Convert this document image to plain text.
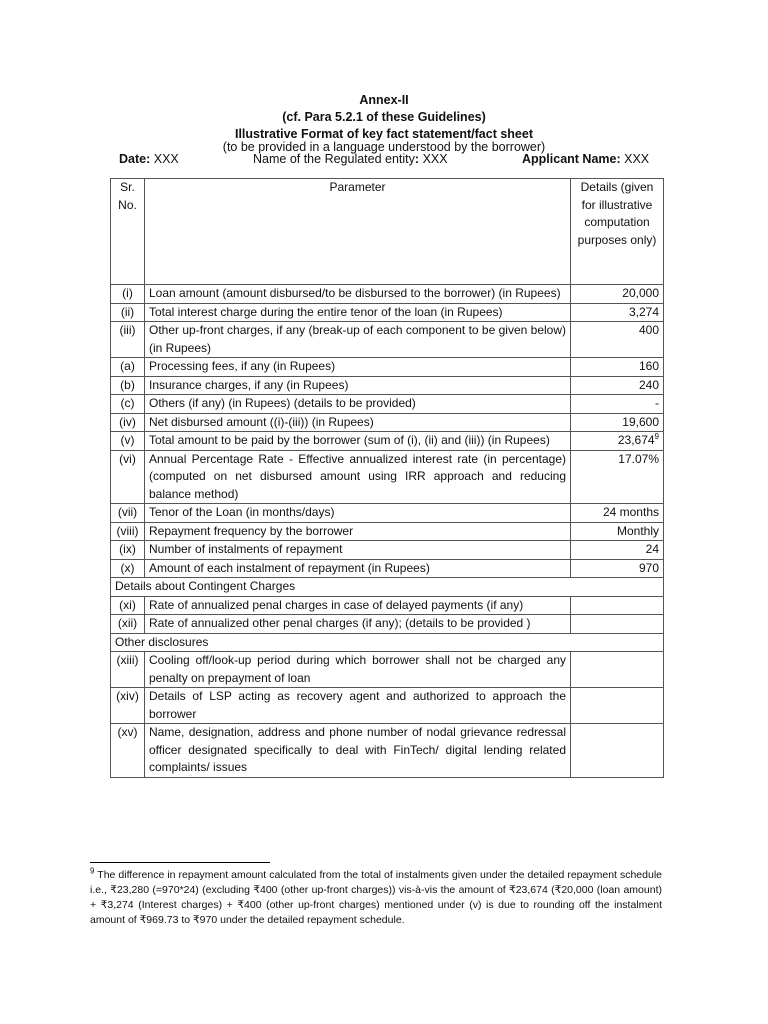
Annex-II
(cf. Para 5.2.1 of these Guidelines)
Illustrative Format of key fact statement/fact sheet
(to be provided in a language understood by the borrower)
Date: XXX	Name of the Regulated entity: XXX	Applicant Name: XXX
Sr. No.	Parameter	Details (given for illustrative computation purposes only)
(i)	Loan amount (amount disbursed/to be disbursed to the borrower) (in Rupees)	20,000
(ii)	Total interest charge during the entire tenor of the loan (in Rupees)	3,274
(iii)	Other up-front charges, if any (break-up of each component to be given below) (in Rupees)	400
(a)	Processing fees, if any (in Rupees)	160
(b)	Insurance charges, if any (in Rupees)	240
(c)	Others (if any) (in Rupees) (details to be provided)	-
(iv)	Net disbursed amount ((i)-(iii)) (in Rupees)	19,600
(v)	Total amount to be paid by the borrower (sum of (i), (ii) and (iii)) (in Rupees)	23,674$^9$
(vi)	Annual Percentage Rate - Effective annualized interest rate (in percentage) (computed on net disbursed amount using IRR approach and reducing balance method)	17.07%
(vii)	Tenor of the Loan (in months/days)	24 months
(viii)	Repayment frequency by the borrower	Monthly
(ix)	Number of instalments of repayment	24
(x)	Amount of each instalment of repayment (in Rupees)	970
Details about Contingent Charges		
(xi)	Rate of annualized penal charges in case of delayed payments (if any)	
(xii)	Rate of annualized other penal charges (if any); (details to be provided )	
Other disclosures		
(xiii)	Cooling off/look-up period during which borrower shall not be charged any penalty on prepayment of loan	
(xiv)	Details of LSP acting as recovery agent and authorized to approach the borrower	
(xv)	Name, designation, address and phone number of nodal grievance redressal officer designated specifically to deal with FinTech/ digital lending related complaints/ issues	
$^9$ The difference in repayment amount calculated from the total of instalments given under the detailed repayment schedule i.e., ₹23,280 (=970*24) (excluding ₹400 (other up-front charges)) vis-à-vis the amount of ₹23,674 (₹20,000 (loan amount) + ₹3,274 (Interest charges) + ₹400 (other up-front charges) mentioned under (v) is due to rounding off the instalment amount of ₹969.73 to ₹970 under the detailed repayment schedule.
